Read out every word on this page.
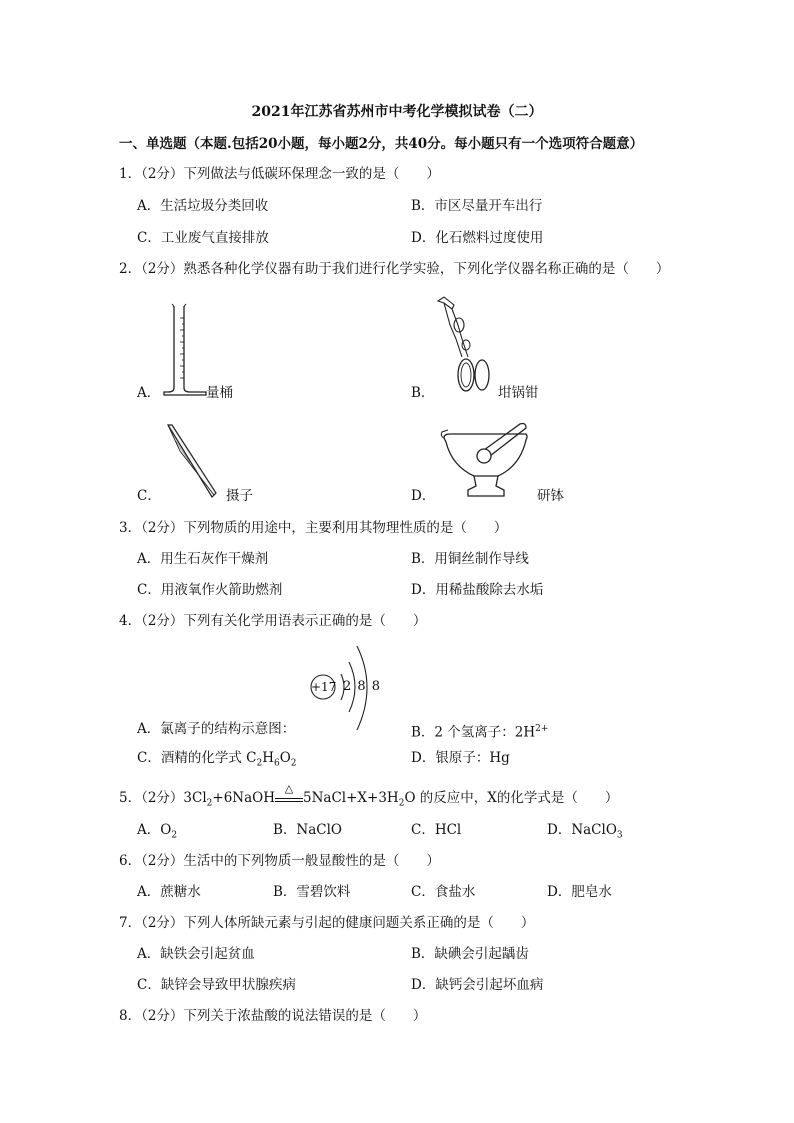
2021年江苏省苏州市中考化学模拟试卷（二）
一、单选题（本题.包括20小题，每小题2分，共40分。每小题只有一个选项符合题意）
1．（2分）下列做法与低碳环保理念一致的是（　　）
A．生活垃圾分类回收	B．市区尽量开车出行
C．工业废气直接排放	D．化石燃料过度使用
2．（2分）熟悉各种化学仪器有助于我们进行化学实验，下列化学仪器名称正确的是（　　）
A．	量桶	B．	坩锅钳
C．	摄子	D．	研钵
3．（2分）下列物质的用途中，主要利用其物理性质的是（　　）
A．用生石灰作干燥剂	B．用铜丝制作导线
C．用液氧作火箭助燃剂	D．用稀盐酸除去水垢
4．（2分）下列有关化学用语表示正确的是（　　）
+17 2 8 8
A．氯离子的结构示意图：	B．2 个氢离子：$2H^{2+}$
C．酒精的化学式 $C_2H_6O_2$	D．银原子：Hg
5．（2分）$3Cl_2+6NaOH$
△
$5NaCl+X+3H_2O$ 的反应中，X的化学式是（　　）
A．$O_2$	B．NaClO	C．HCl	D．NaClO$_3$
6．（2分）生活中的下列物质一般显酸性的是（　　）
A．蔗糖水	B．雪碧饮料	C．食盐水	D．肥皂水
7．（2分）下列人体所缺元素与引起的健康问题关系正确的是（　　）
A．缺铁会引起贫血	B．缺碘会引起龋齿
C．缺锌会导致甲状腺疾病	D．缺钙会引起坏血病
8．（2分）下列关于浓盐酸的说法错误的是（　　）
